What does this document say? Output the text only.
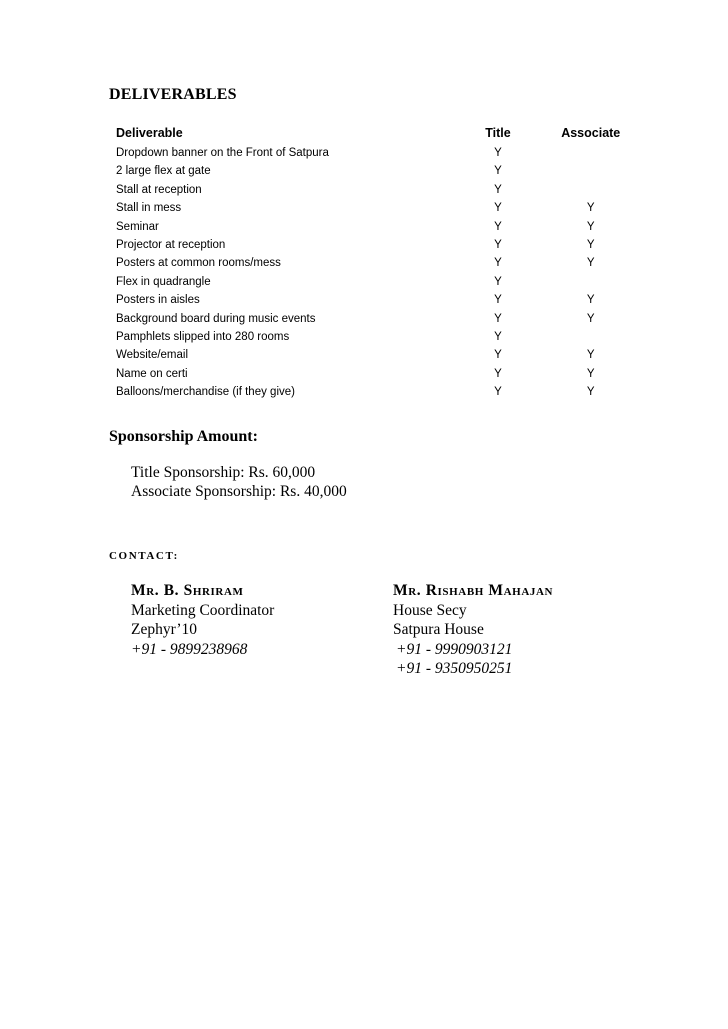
DELIVERABLES
Deliverable	Title	Associate
Dropdown banner on the Front of Satpura	Y	
2 large flex at gate	Y	
Stall at reception	Y	
Stall in mess	Y	Y
Seminar	Y	Y
Projector at reception	Y	Y
Posters at common rooms/mess	Y	Y
Flex in quadrangle	Y	
Posters in aisles	Y	Y
Background board during music events	Y	Y
Pamphlets slipped into 280 rooms	Y	
Website/email	Y	Y
Name on certi	Y	Y
Balloons/merchandise (if they give)	Y	Y
Sponsorship Amount:
Title Sponsorship: Rs. 60,000
Associate Sponsorship: Rs. 40,000
CONTACT:
Mr. B. Shriram
Marketing Coordinator
Zephyr’10
+91 - 9899238968
Mr. Rishabh Mahajan
House Secy
Satpura House
+91 - 9990903121
+91 - 9350950251
